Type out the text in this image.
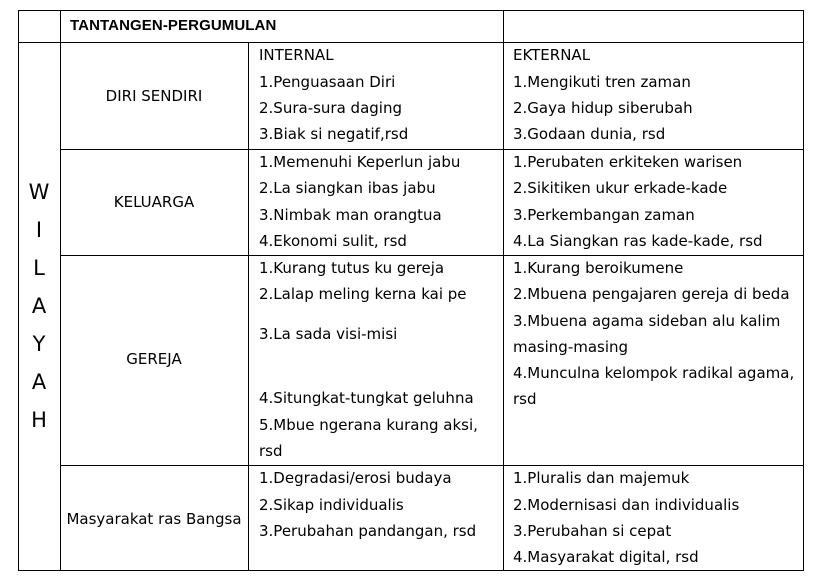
TANTANGEN-PERGUMULAN
W
I
L
A
Y
A
H
INTERNAL	EKTERNAL
DIRI SENDIRI
1.Penguasaan Diri
2.Sura-sura daging
3.Biak si negatif,rsd
1.Mengikuti tren zaman
2.Gaya hidup siberubah
3.Godaan dunia, rsd
KELUARGA
1.Memenuhi Keperlun jabu
2.La siangkan ibas jabu
3.Nimbak man orangtua
4.Ekonomi sulit, rsd
1.Perubaten erkiteken warisen
2.Sikitiken ukur erkade-kade
3.Perkembangan zaman
4.La Siangkan ras kade-kade, rsd
GEREJA
1.Kurang tutus ku gereja
2.Lalap meling kerna kai pe
3.La sada visi-misi
4.Situngkat-tungkat geluhna
5.Mbue ngerana kurang aksi,
rsd
1.Kurang beroikumene
2.Mbuena pengajaren gereja di beda
3.Mbuena agama sideban alu kalim
masing-masing
4.Munculna kelompok radikal agama,
rsd
Masyarakat ras Bangsa
1.Degradasi/erosi budaya
2.Sikap individualis
3.Perubahan pandangan, rsd
1.Pluralis dan majemuk
2.Modernisasi dan individualis
3.Perubahan si cepat
4.Masyarakat digital, rsd
